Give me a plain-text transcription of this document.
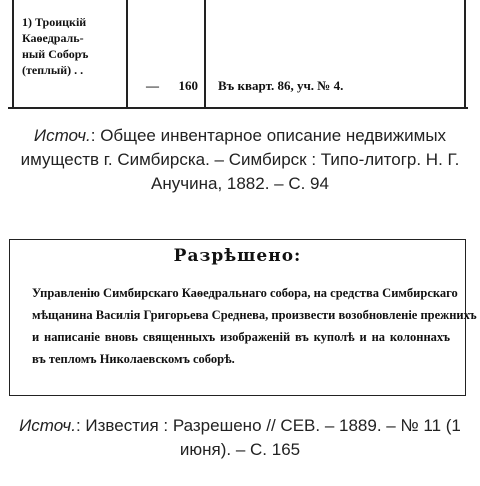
1) Троицкій
Каѳедраль-
ный Соборъ
(теплый) . .
—	160 Въ кварт. 86, уч. № 4.
Источ.: Общее инвентарное описание недвижимых имуществ г. Симбирска. – Симбирск : Типо-литогр. Н. Г. Анучина, 1882. – С. 94
Разрѣшено:
Управленію Симбирскаго Каѳедральнаго собора, на средства Симбирскаго
мѣщанина Василія Григорьева Среднева, произвести возобновленіе прежнихъ
и написаніе вновь священныхъ изображеній въ куполѣ и на колоннахъ
въ тепломъ Николаевскомъ соборѣ.
Источ.: Известия : Разрешено // СЕВ. – 1889. – № 11 (1 июня). – С. 165
